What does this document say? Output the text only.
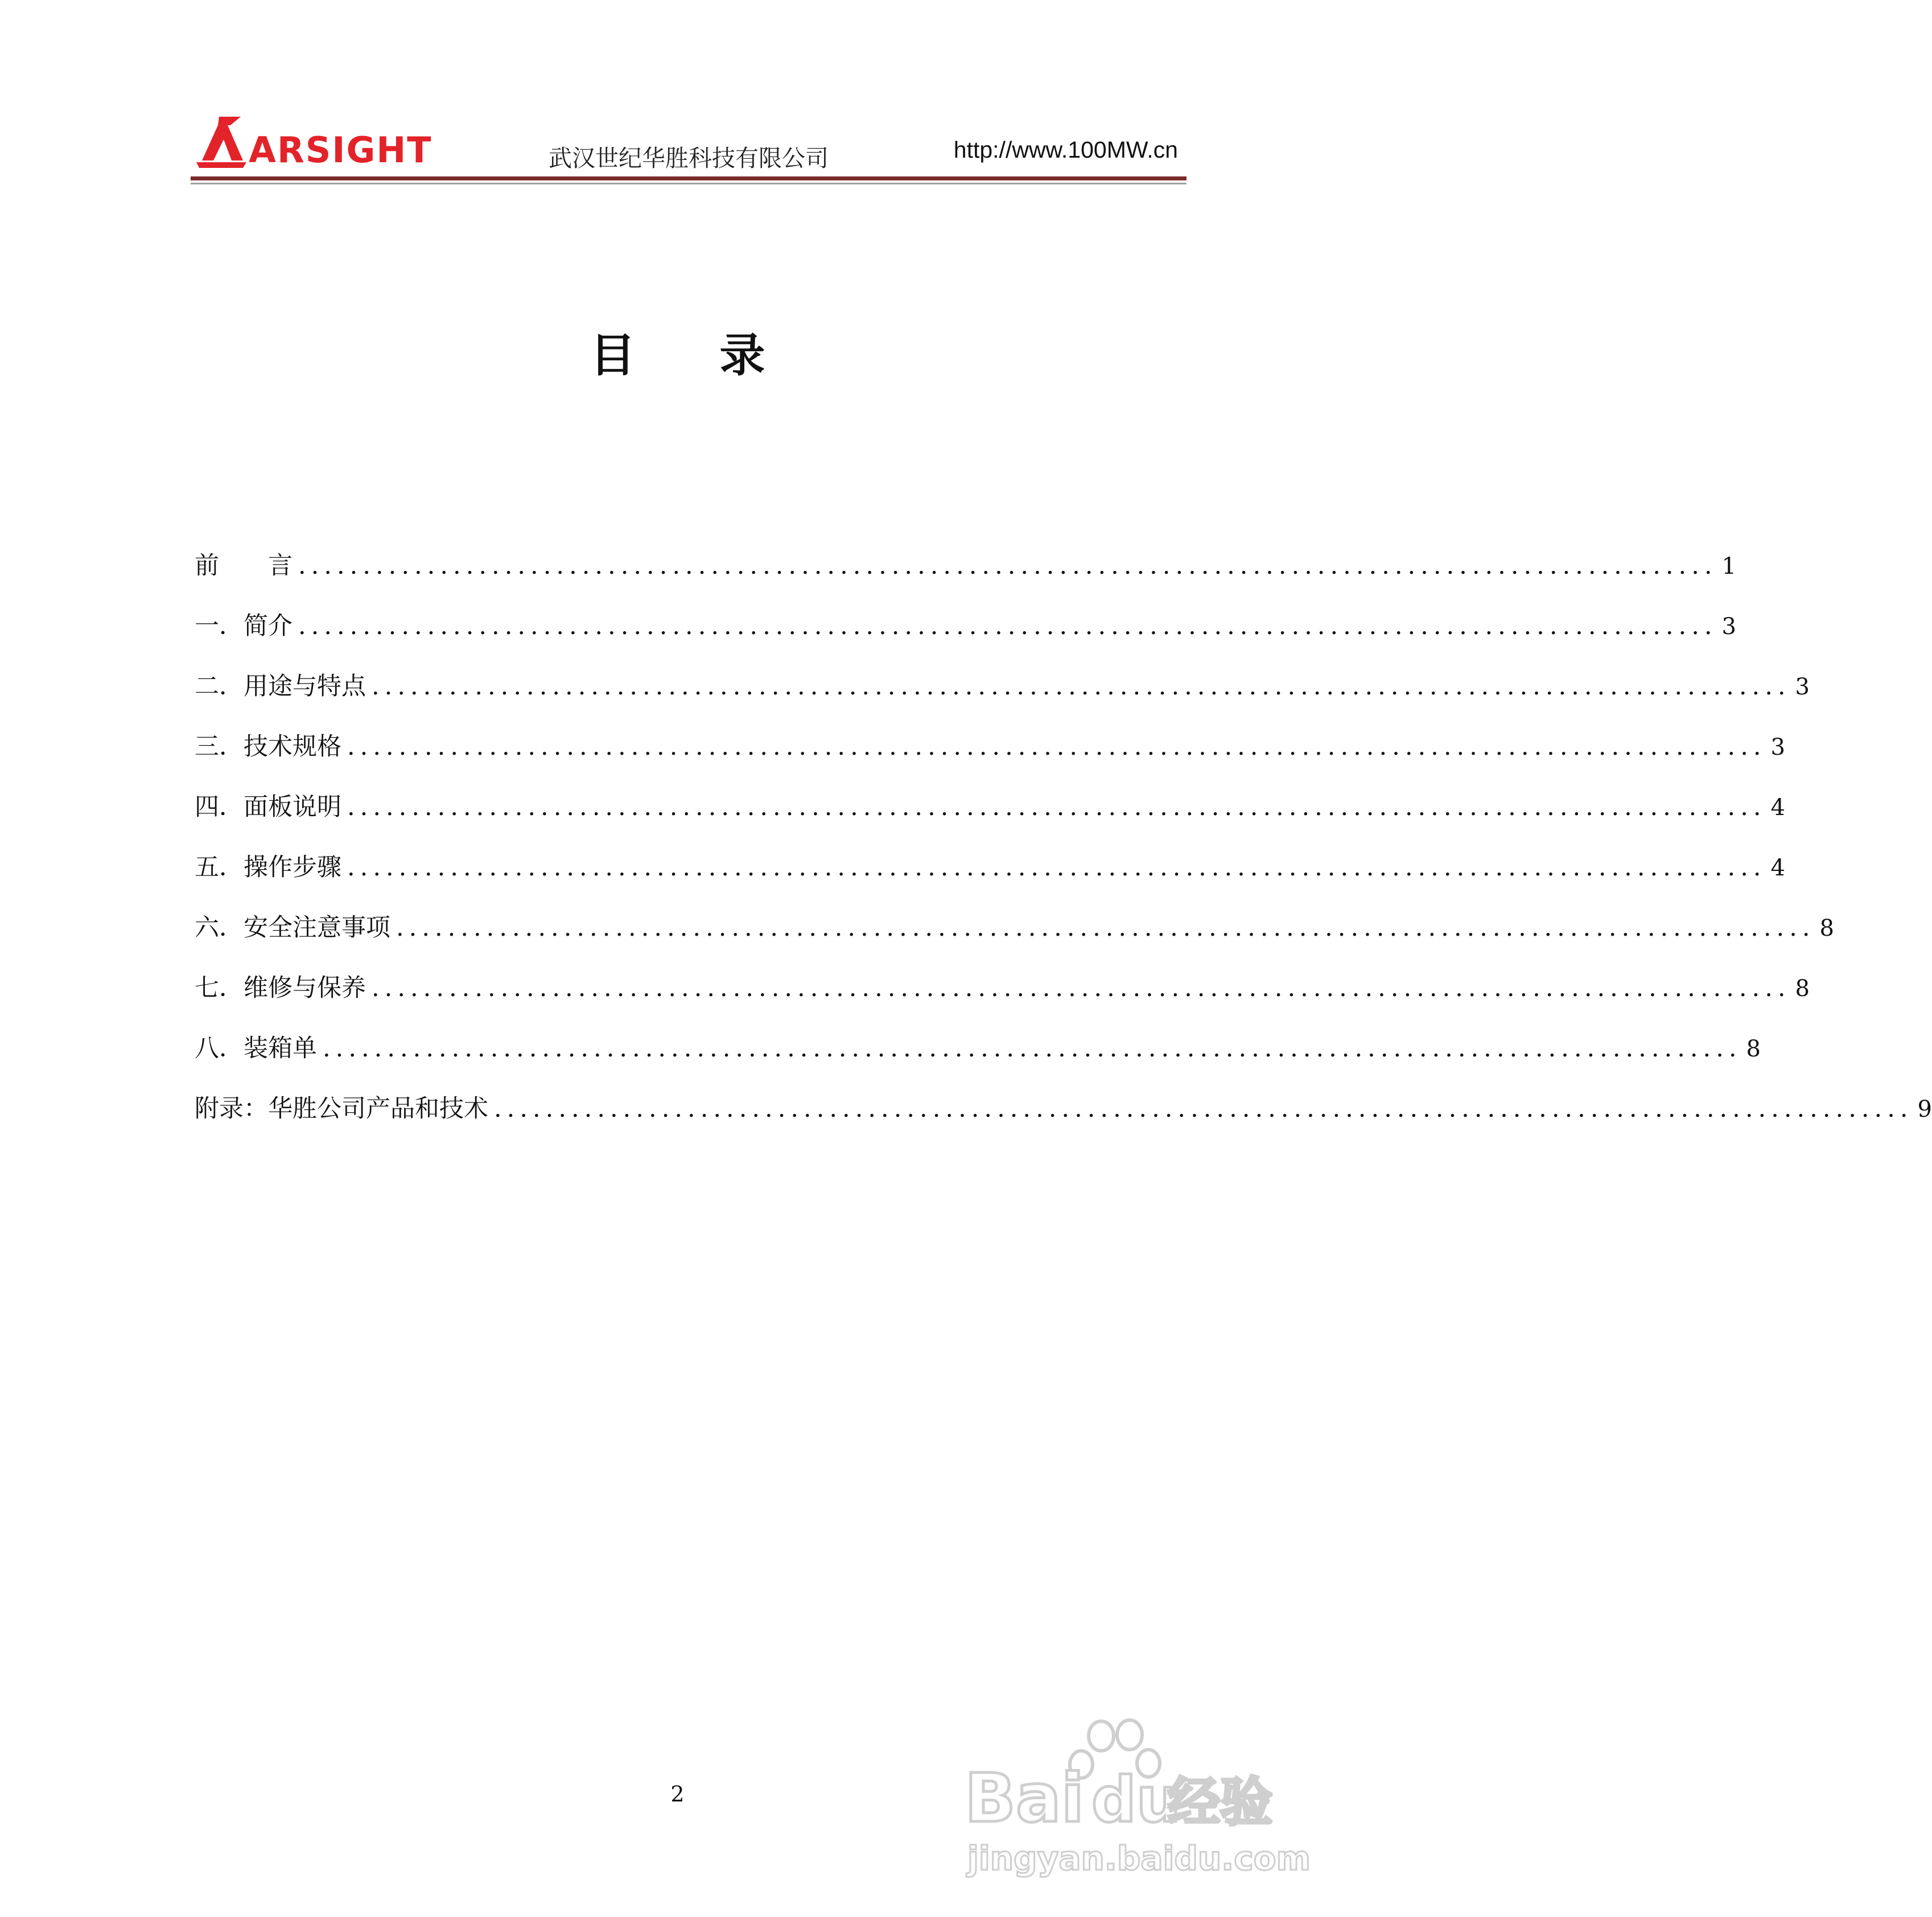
ARSIGHT	武汉世纪华胜科技有限公司	http://www.100MW.cn
目 录
前　　言 .............................................................................................................. 1
一．简介 .............................................................................................................. 3
二．用途与特点 .............................................................................................................. 3
三．技术规格 .............................................................................................................. 3
四．面板说明 .............................................................................................................. 4
五．操作步骤 .............................................................................................................. 4
六．安全注意事项 .............................................................................................................. 8
七．维修与保养 .............................................................................................................. 8
八．装箱单 .............................................................................................................. 8
附录：华胜公司产品和技术 .............................................................................................................. 9
2	Bai du
经验
jingyan.baidu.com
